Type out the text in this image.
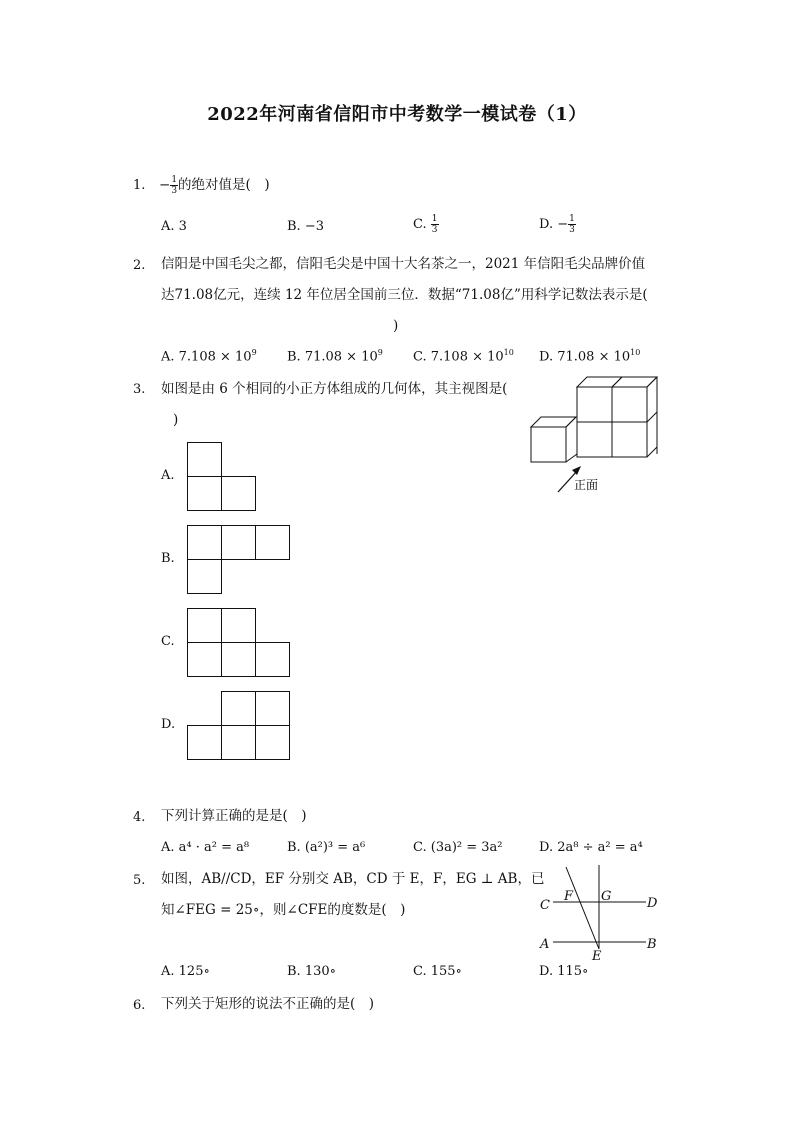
2022年河南省信阳市中考数学一模试卷（1）
1. − $\frac{1}{3}$ 的绝对值是(　)
A. 3	B. −3	C. $\frac{1}{3}$	D. − $\frac{1}{3}$
2. 信阳是中国毛尖之都，信阳毛尖是中国十大名茶之一，2021 年信阳毛尖品牌价值
达71.08亿元，连续 12 年位居全国前三位．数据“71.08亿”用科学记数法表示是(
)
A. $7.108 \times 10^9$ B. $71.08 \times 10^9$ C. $7.108 \times 10^{10}$ D. $71.08 \times 10^{10}$
3. 如图是由 6 个相同的小正方体组成的几何体，其主视图是(
)
正面
A.
B.
C.
D.
4. 下列计算正确的是是(　)
A. a⁴ · a² = a⁸	B. (a²)³ = a⁶	C. (3a)² = 3a²	D. 2a⁸ ÷ a² = a⁴
5. 如图，AB//CD，EF 分别交 AB，CD 于 E，F，EG ⊥ AB，已
知∠FEG = 25∘，则∠CFE的度数是(　)	C
F G	D
A
E
B
A. 125∘	B. 130∘	C. 155∘	D. 115∘
6. 下列关于矩形的说法不正确的是(　)
